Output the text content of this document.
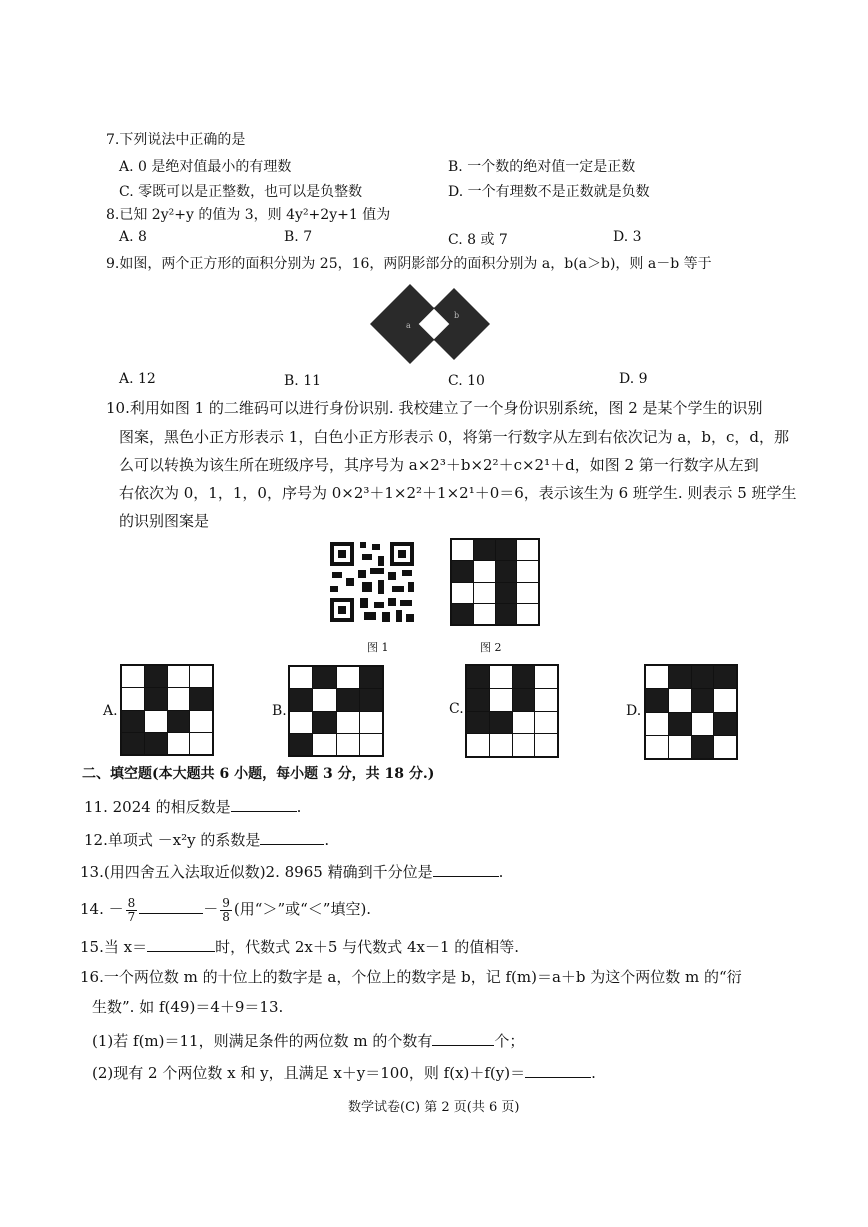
7.下列说法中正确的是
A. 0 是绝对值最小的有理数	B. 一个数的绝对值一定是正数
C. 零既可以是正整数，也可以是负整数	D. 一个有理数不是正数就是负数
8.已知 2y²+y 的值为 3，则 4y²+2y+1 值为
A. 8	B. 7	C. 8 或 7	D. 3
9.如图，两个正方形的面积分别为 25，16，两阴影部分的面积分别为 a，b(a＞b)，则 a－b 等于
a
b
A. 12	B. 11	C. 10	D. 9
10.利用如图 1 的二维码可以进行身份识别. 我校建立了一个身份识别系统，图 2 是某个学生的识别
图案，黑色小正方形表示 1，白色小正方形表示 0，将第一行数字从左到右依次记为 a，b，c，d，那
么可以转换为该生所在班级序号，其序号为 a×2³＋b×2²＋c×2¹＋d，如图 2 第一行数字从左到
右依次为 0，1，1，0，序号为 0×2³＋1×2²＋1×2¹＋0＝6，表示该生为 6 班学生. 则表示 5 班学生
的识别图案是
图 1	图 2
A.	B.	C.	D.
二、填空题(本大题共 6 小题，每小题 3 分，共 18 分.)
11. 2024 的相反数是	.
12.单项式 －x²y 的系数是	.
13.(用四舍五入法取近似数)2. 8965 精确到千分位是	.
14. － $\frac{8}{7}$	－ $\frac{9}{8}$ (用“＞”或“＜”填空).
15.当 x＝	时，代数式 2x＋5 与代数式 4x－1 的值相等.
16.一个两位数 m 的十位上的数字是 a，个位上的数字是 b，记 f(m)＝a＋b 为这个两位数 m 的“衍
生数”. 如 f(49)＝4＋9＝13.
(1)若 f(m)＝11，则满足条件的两位数 m 的个数有	个；
(2)现有 2 个两位数 x 和 y，且满足 x＋y＝100，则 f(x)＋f(y)＝	.
数学试卷(C) 第 2 页(共 6 页)
